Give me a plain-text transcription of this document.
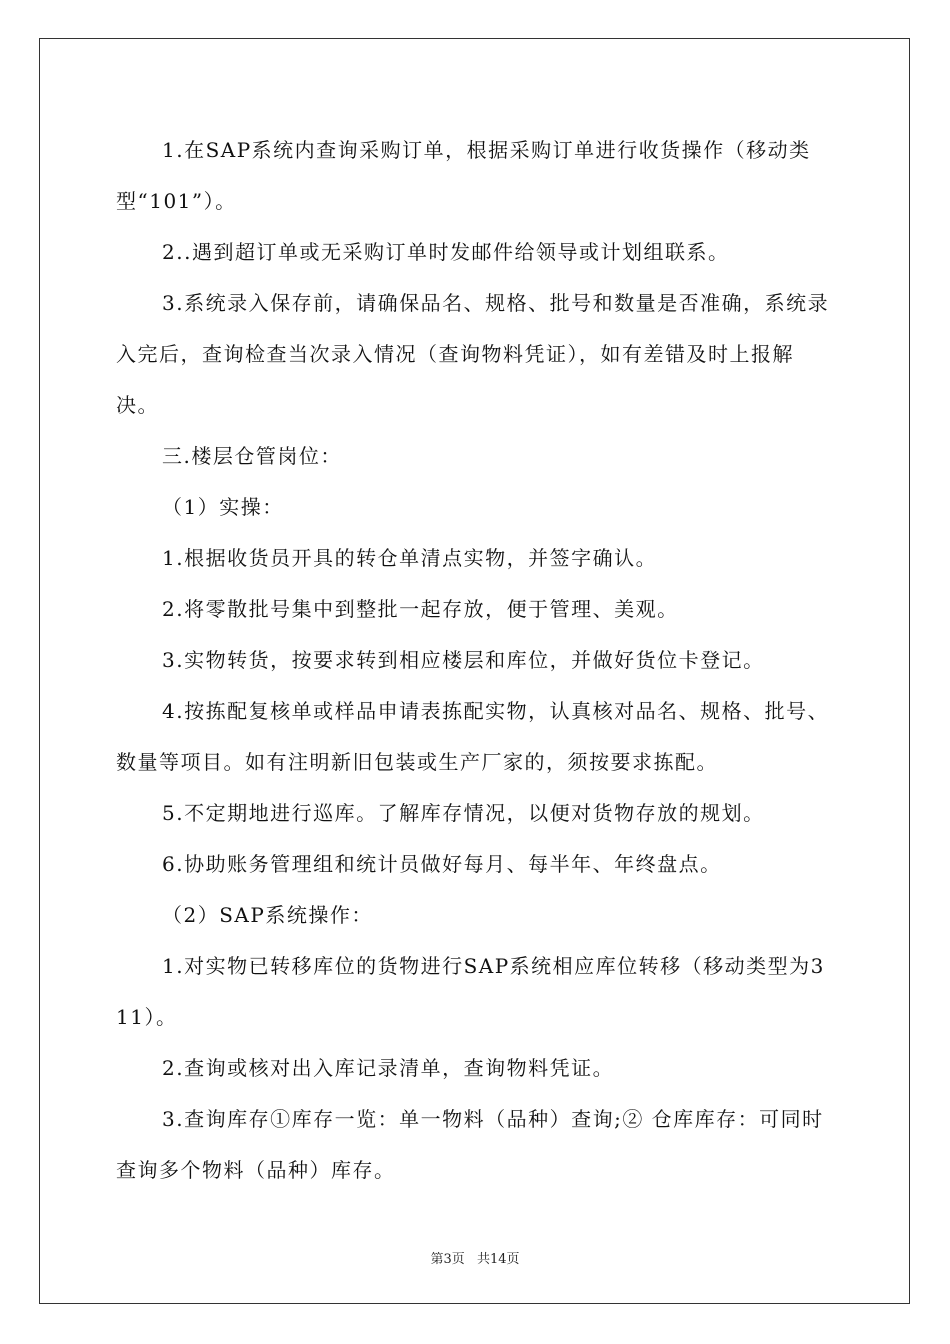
1.在SAP系统内查询采购订单，根据采购订单进行收货操作（移动类型“101”）。

2..遇到超订单或无采购订单时发邮件给领导或计划组联系。

3.系统录入保存前，请确保品名、规格、批号和数量是否准确，系统录入完后，查询检查当次录入情况（查询物料凭证），如有差错及时上报解决。

三.楼层仓管岗位：

（1）实操：

1.根据收货员开具的转仓单清点实物，并签字确认。

2.将零散批号集中到整批一起存放，便于管理、美观。

3.实物转货，按要求转到相应楼层和库位，并做好货位卡登记。

4.按拣配复核单或样品申请表拣配实物，认真核对品名、规格、批号、数量等项目。如有注明新旧包装或生产厂家的，须按要求拣配。

5.不定期地进行巡库。了解库存情况，以便对货物存放的规划。

6.协助账务管理组和统计员做好每月、每半年、年终盘点。

（2）SAP系统操作：

1.对实物已转移库位的货物进行SAP系统相应库位转移（移动类型为311）。

2.查询或核对出入库记录清单，查询物料凭证。

3.查询库存①库存一览：单一物料（品种）查询;② 仓库库存：可同时查询多个物料（品种）库存。

第3页 共14页
